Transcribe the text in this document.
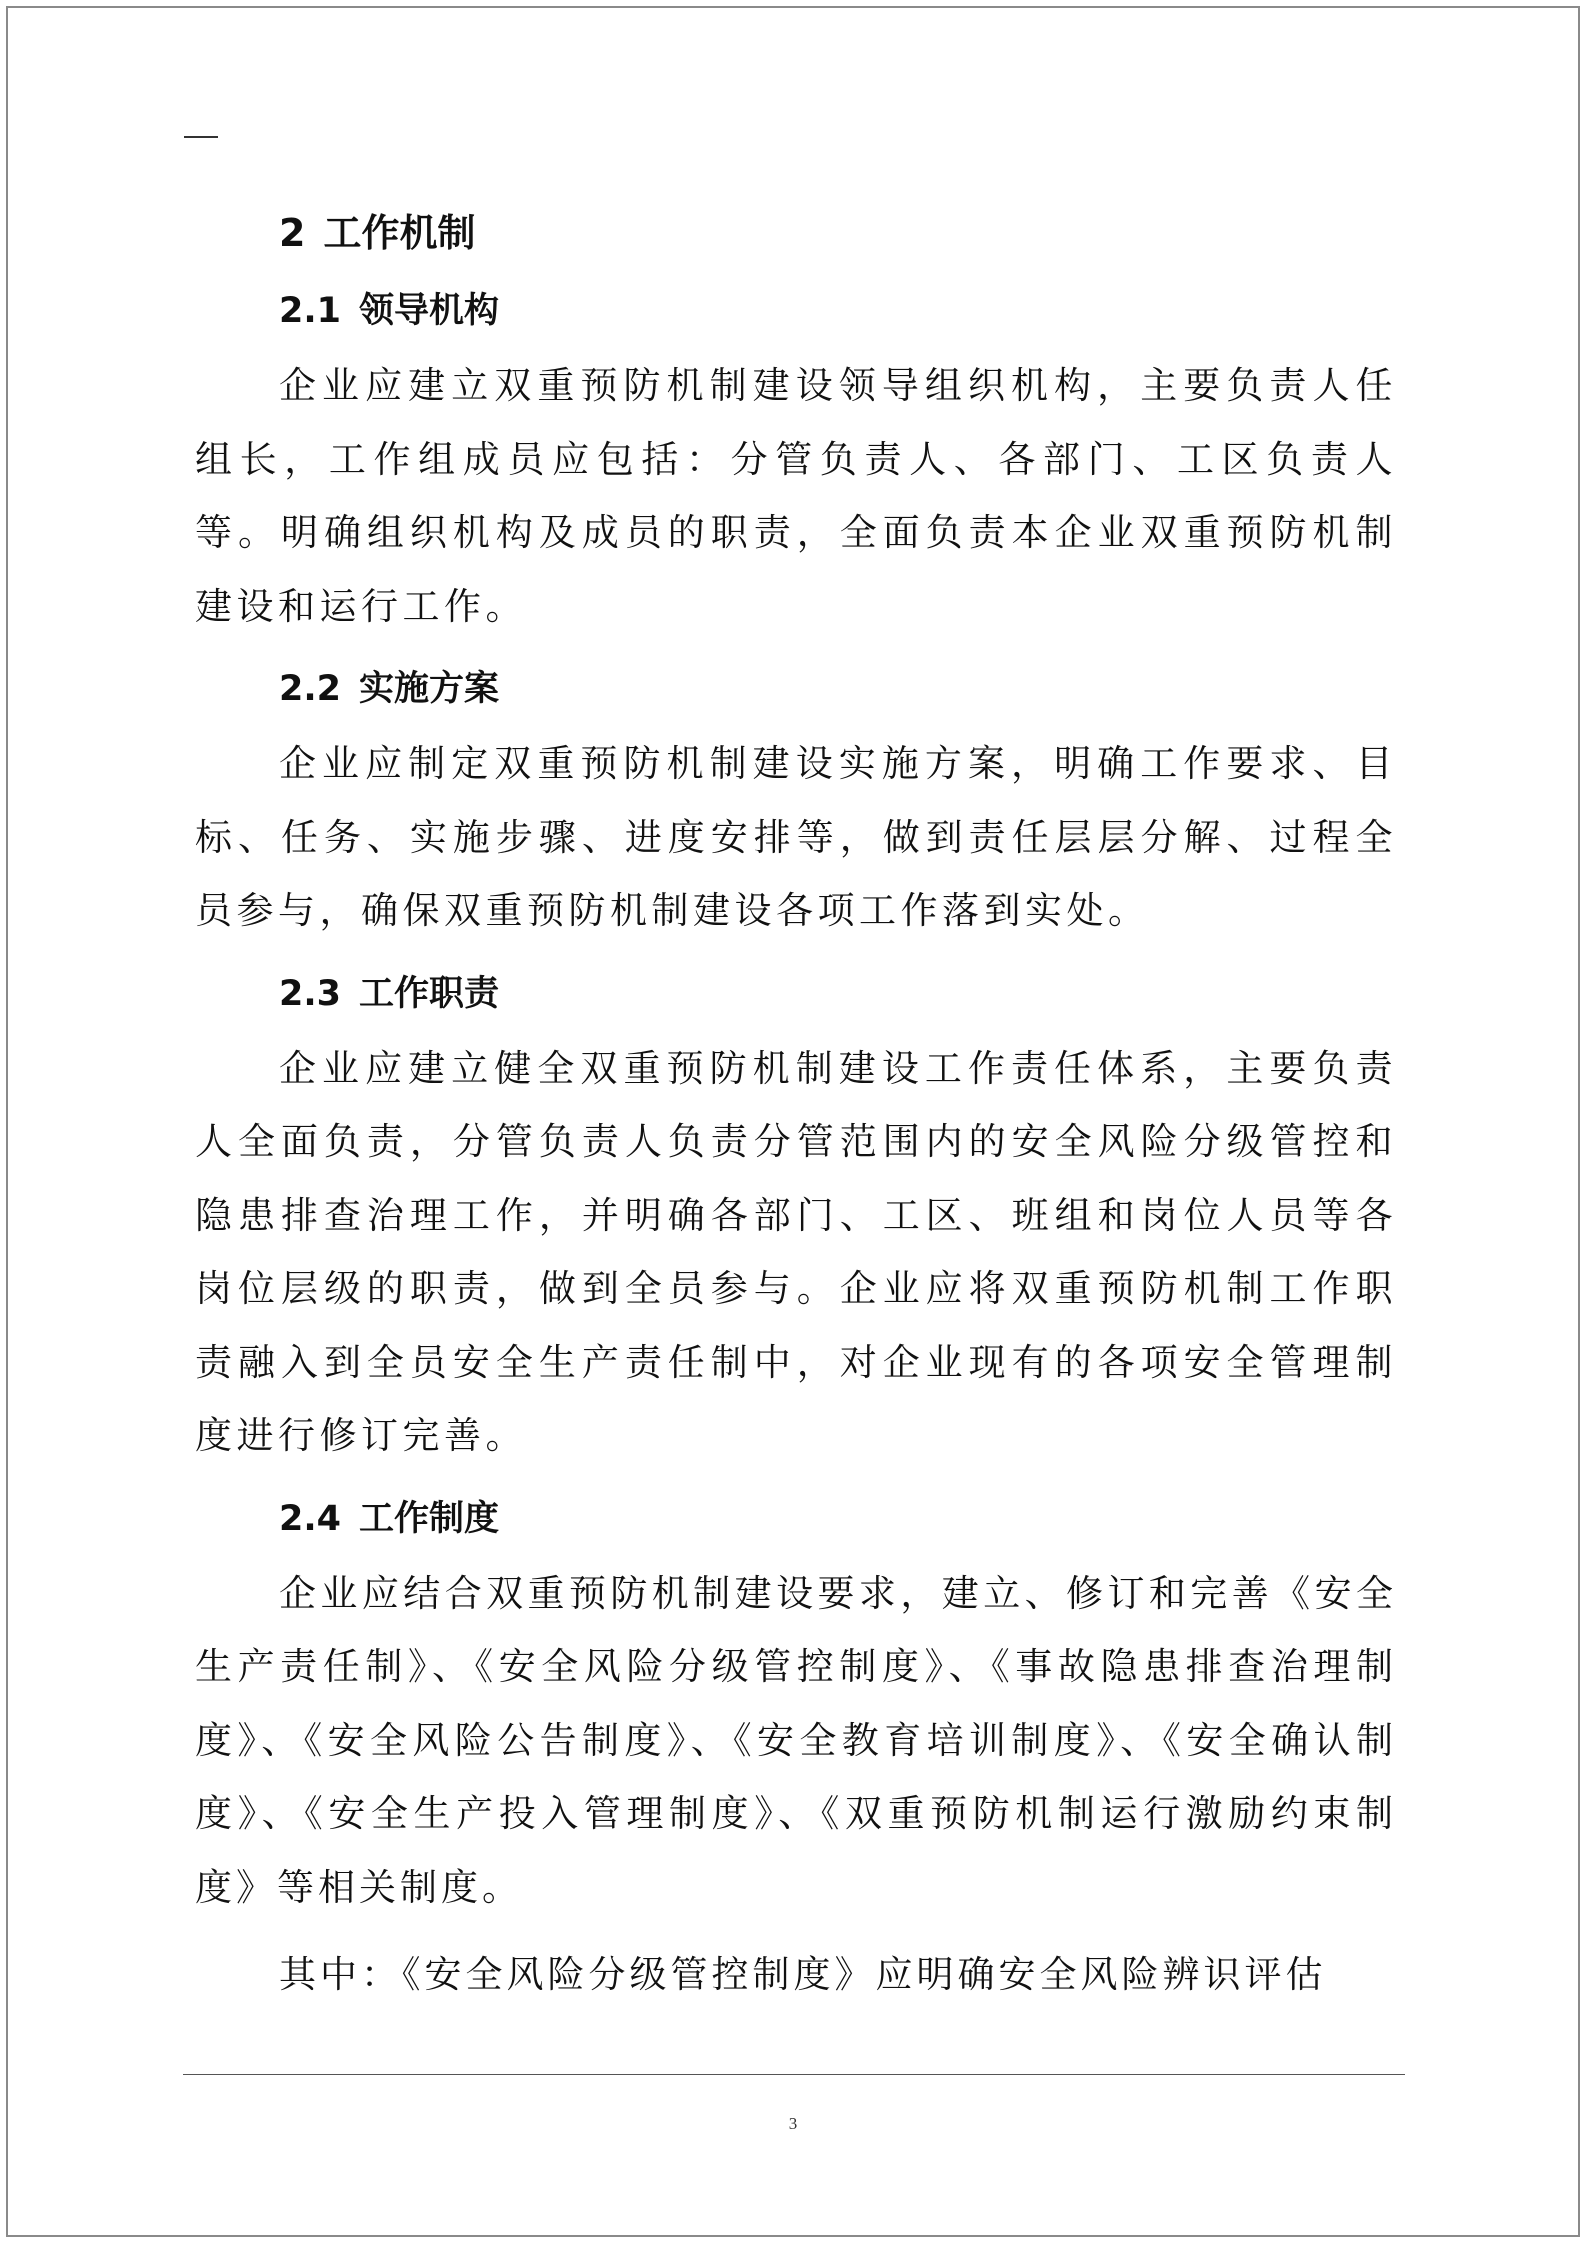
2 工作机制
2.1 领导机构

企业应建立双重预防机制建设领导组织机构，主要负责人任组长，工作组成员应包括：分管负责人、各部门、工区负责人等。明确组织机构及成员的职责，全面负责本企业双重预防机制建设和运行工作。

2.2 实施方案

企业应制定双重预防机制建设实施方案，明确工作要求、目标、任务、实施步骤、进度安排等，做到责任层层分解、过程全员参与，确保双重预防机制建设各项工作落到实处。

2.3 工作职责

企业应建立健全双重预防机制建设工作责任体系，主要负责人全面负责，分管负责人负责分管范围内的安全风险分级管控和隐患排查治理工作，并明确各部门、工区、班组和岗位人员等各岗位层级的职责，做到全员参与。企业应将双重预防机制工作职责融入到全员安全生产责任制中，对企业现有的各项安全管理制度进行修订完善。

2.4 工作制度

企业应结合双重预防机制建设要求，建立、修订和完善《安全生产责任制》、《安全风险分级管控制度》、《事故隐患排查治理制度》、《安全风险公告制度》、《安全教育培训制度》、《安全确认制度》、《安全生产投入管理制度》、《双重预防机制运行激励约束制度》等相关制度。

其中：《安全风险分级管控制度》应明确安全风险辨识评估

3
